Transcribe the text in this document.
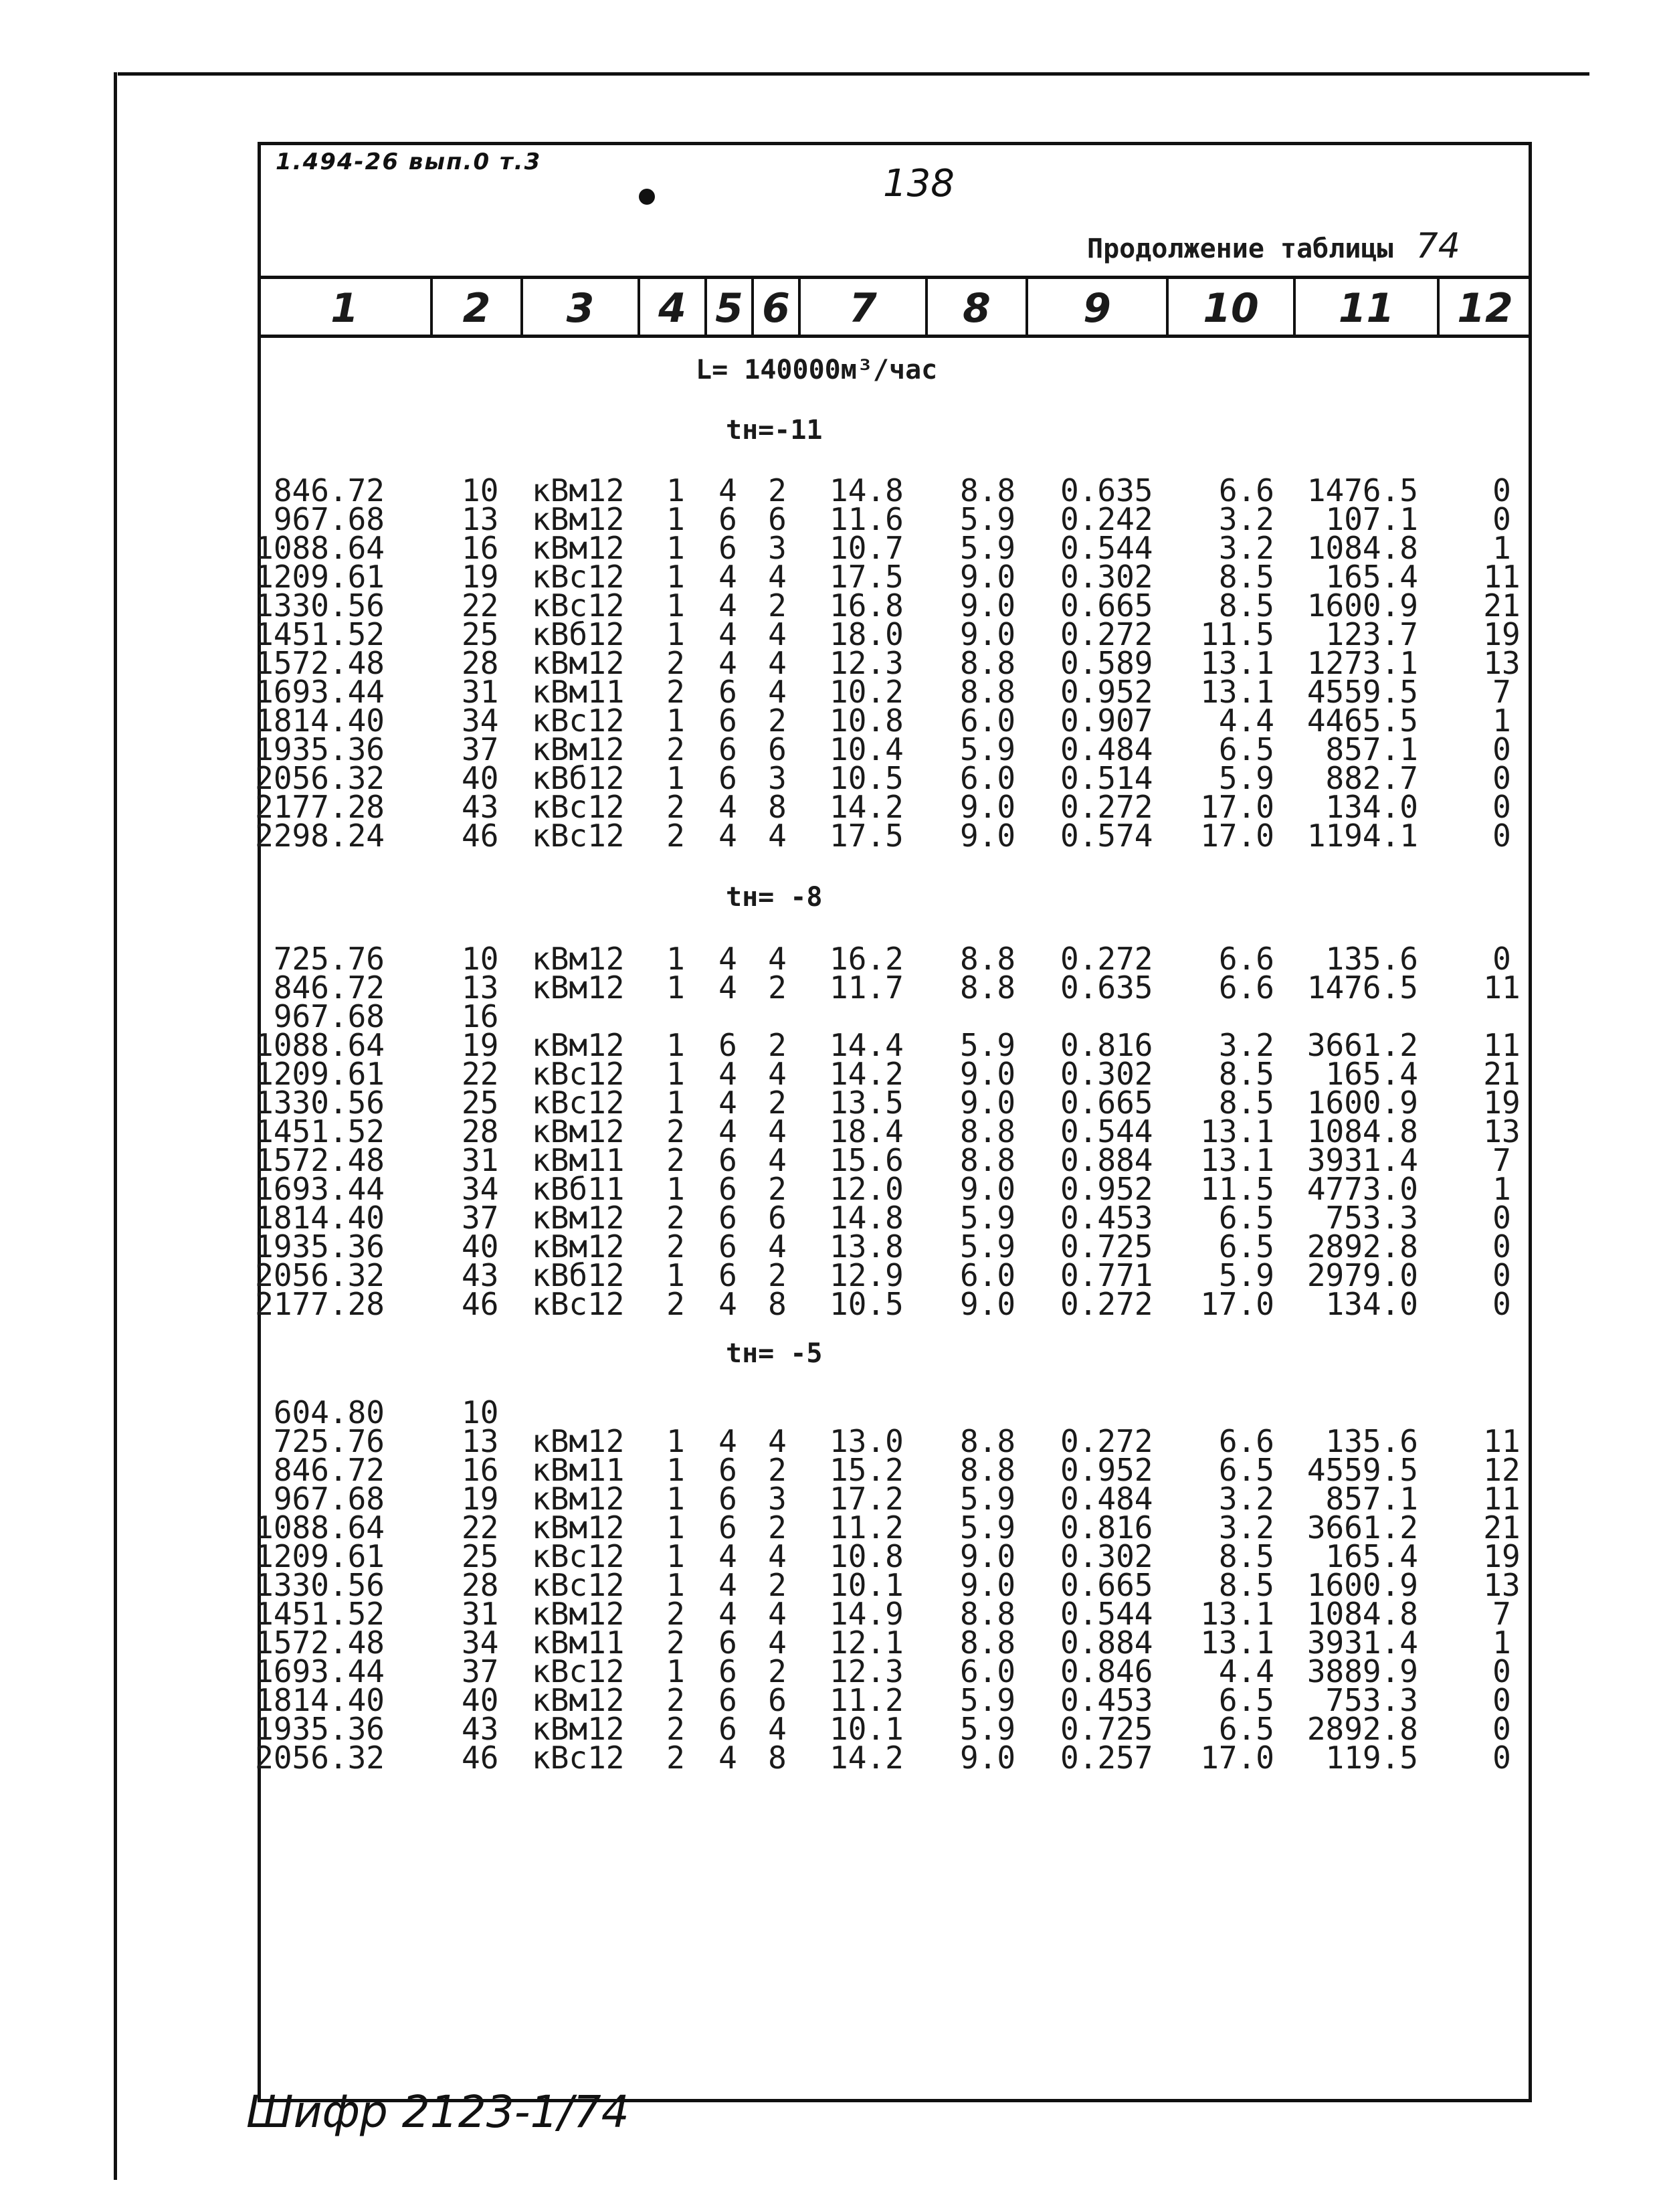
1.494-26 вып.0 т.3	138
Продолжение таблицы 74
1	2 3 4 5 6 7 8 9 10 11 12
L= 140000м³/час
tн=-11
846.72	10 кВм12	1	4	2	14.8 8.8 0.635 6.6 1476.5	0
967.68	13 кВм12	1	6	6	11.6 5.9 0.242 3.2 107.1	0
1088.64	16 кВм12	1	6	3	10.7 5.9 0.544 3.2 1084.8	1
1209.61	19 кВс12	1	4	4	17.5 9.0 0.302 8.5 165.4 11
1330.56	22 кВс12	1	4	2	16.8 9.0 0.665 8.5 1600.9 21
1451.52	25 кВб12	1	4	4	18.0 9.0 0.272 11.5 123.7 19
1572.48	28 кВм12	2	4	4	12.3 8.8 0.589 13.1 1273.1 13
1693.44	31 кВм11	2	6	4	10.2 8.8 0.952 13.1 4559.5	7
1814.40	34 кВс12	1	6	2	10.8 6.0 0.907 4.4 4465.5	1
1935.36	37 кВм12	2	6	6	10.4 5.9 0.484 6.5 857.1	0
2056.32	40 кВб12	1	6	3	10.5 6.0 0.514 5.9 882.7	0
2177.28	43 кВс12	2	4	8	14.2 9.0 0.272 17.0 134.0	0
2298.24	46 кВс12	2	4	4	17.5 9.0 0.574 17.0 1194.1	0
tн= -8
725.76	10 кВм12	1	4	4	16.2 8.8 0.272 6.6 135.6	0
846.72	13 кВм12	1	4	2	11.7 8.8 0.635 6.6 1476.5 11
967.68	16
1088.64	19 кВм12	1	6	2	14.4 5.9 0.816 3.2 3661.2 11
1209.61	22 кВс12	1	4	4	14.2 9.0 0.302 8.5 165.4 21
1330.56	25 кВс12	1	4	2	13.5 9.0 0.665 8.5 1600.9 19
1451.52	28 кВм12	2	4	4	18.4 8.8 0.544 13.1 1084.8 13
1572.48	31 кВм11	2	6	4	15.6 8.8 0.884 13.1 3931.4	7
1693.44	34 кВб11	1	6	2	12.0 9.0 0.952 11.5 4773.0	1
1814.40	37 кВм12	2	6	6	14.8 5.9 0.453 6.5 753.3	0
1935.36	40 кВм12	2	6	4	13.8 5.9 0.725 6.5 2892.8	0
2056.32	43 кВб12	1	6	2	12.9 6.0 0.771 5.9 2979.0	0
2177.28	46 кВс12	2	4	8	10.5 9.0 0.272 17.0 134.0	0
tн= -5
604.80	10
725.76	13 кВм12	1	4	4	13.0 8.8 0.272 6.6 135.6 11
846.72	16 кВм11	1	6	2	15.2 8.8 0.952 6.5 4559.5 12
967.68	19 кВм12	1	6	3	17.2 5.9 0.484 3.2 857.1 11
1088.64	22 кВм12	1	6	2	11.2 5.9 0.816 3.2 3661.2 21
1209.61	25 кВс12	1	4	4	10.8 9.0 0.302 8.5 165.4 19
1330.56	28 кВс12	1	4	2	10.1 9.0 0.665 8.5 1600.9 13
1451.52	31 кВм12	2	4	4	14.9 8.8 0.544 13.1 1084.8	7
1572.48	34 кВм11	2	6	4	12.1 8.8 0.884 13.1 3931.4	1
1693.44	37 кВс12	1	6	2	12.3 6.0 0.846 4.4 3889.9	0
1814.40	40 кВм12	2	6	6	11.2 5.9 0.453 6.5 753.3	0
1935.36	43 кВм12	2	6	4	10.1 5.9 0.725 6.5 2892.8	0
2056.32	46 кВс12	2	4	8	14.2 9.0 0.257 17.0 119.5	0
Шифр 2123-1/74
